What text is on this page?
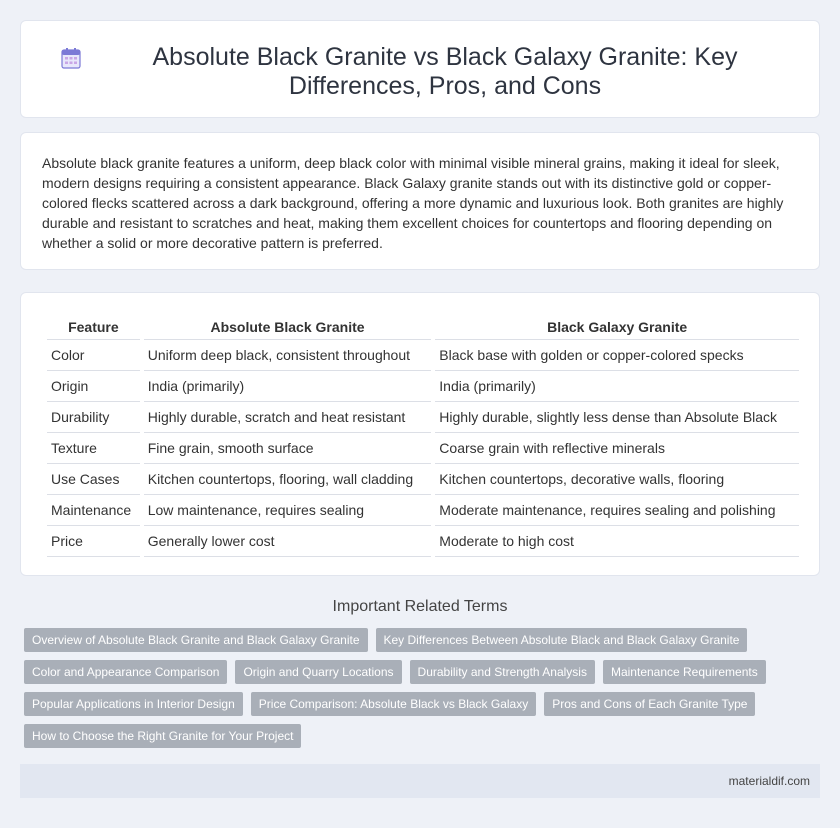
Absolute Black Granite vs Black Galaxy Granite: Key Differences, Pros, and Cons

Absolute black granite features a uniform, deep black color with minimal visible mineral grains, making it ideal for sleek, modern designs requiring a consistent appearance. Black Galaxy granite stands out with its distinctive gold or copper-colored flecks scattered across a dark background, offering a more dynamic and luxurious look. Both granites are highly durable and resistant to scratches and heat, making them excellent choices for countertops and flooring depending on whether a solid or more decorative pattern is preferred.

Feature	Absolute Black Granite	Black Galaxy Granite
Color	Uniform deep black, consistent throughout	Black base with golden or copper-colored specks
Origin	India (primarily)	India (primarily)
Durability	Highly durable, scratch and heat resistant	Highly durable, slightly less dense than Absolute Black
Texture	Fine grain, smooth surface	Coarse grain with reflective minerals
Use Cases	Kitchen countertops, flooring, wall cladding	Kitchen countertops, decorative walls, flooring
Maintenance	Low maintenance, requires sealing	Moderate maintenance, requires sealing and polishing
Price	Generally lower cost	Moderate to high cost
Important Related Terms
Overview of Absolute Black Granite and Black Galaxy Granite	Key Differences Between Absolute Black and Black Galaxy Granite
Color and Appearance Comparison	Origin and Quarry Locations	Durability and Strength Analysis	Maintenance Requirements
Popular Applications in Interior Design	Price Comparison: Absolute Black vs Black Galaxy	Pros and Cons of Each Granite Type
How to Choose the Right Granite for Your Project
materialdif.com
